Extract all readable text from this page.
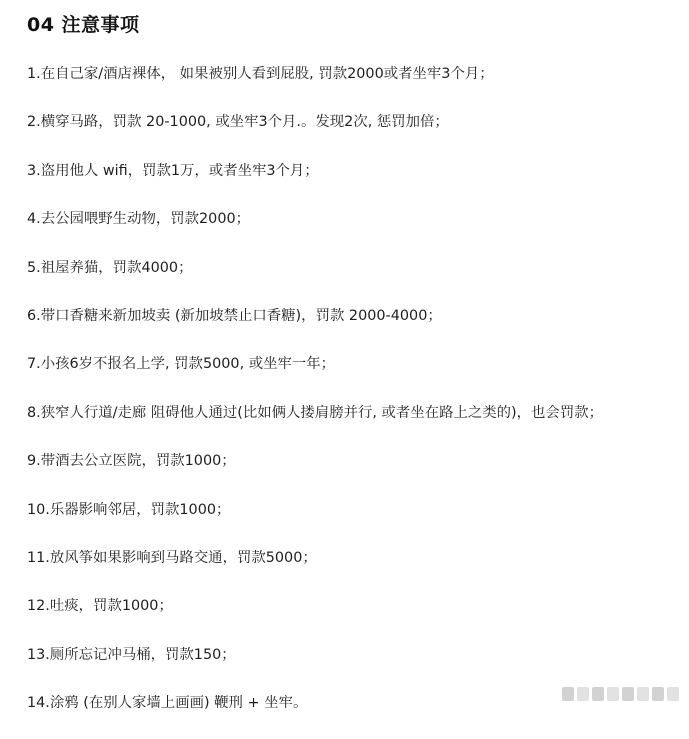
04 注意事项
1.在自己家/酒店裸体， 如果被别人看到屁股, 罚款2000或者坐牢3个月；
2.横穿马路，罚款 20-1000, 或坐牢3个月.。发现2次, 惩罚加倍；
3.盗用他人 wifi，罚款1万，或者坐牢3个月；
4.去公园喂野生动物，罚款2000；
5.祖屋养猫，罚款4000；
6.带口香糖来新加坡卖 (新加坡禁止口香糖)，罚款 2000-4000；
7.小孩6岁不报名上学, 罚款5000, 或坐牢一年；
8.狭窄人行道/走廊 阻碍他人通过(比如俩人搂肩膀并行, 或者坐在路上之类的)，也会罚款；
9.带酒去公立医院，罚款1000；
10.乐器影响邻居，罚款1000；
11.放风筝如果影响到马路交通，罚款5000；
12.吐痰，罚款1000；
13.厕所忘记冲马桶，罚款150；
14.涂鸦 (在别人家墙上画画) 鞭刑 + 坐牢。
